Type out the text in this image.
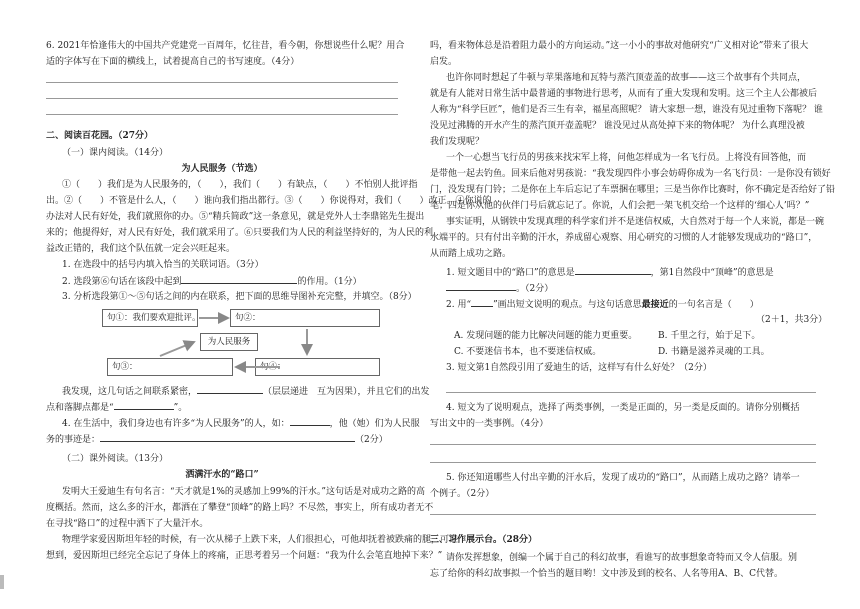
6. 2021年恰逢伟大的中国共产党建党一百周年，忆往昔，看今朝，你想说些什么呢？用合
适的字体写在下面的横线上，试着提高自己的书写速度。（4分）
二、阅读百花园。（27分）
（一）课内阅读。（14分）
为人民服务（节选）
①（　　）我们是为人民服务的，（　　），我们（　　）有缺点，（　　）不怕别人批评指
出。②（　　）不管是什么人，（　　）谁向我们指出都行。③（　　）你说得对，我们（　　）改正。④你说的
办法对人民有好处，我们就照你的办。⑤“精兵简政”这一条意见，就是党外人士李鼎铭先生提出
来的；他提得好，对人民有好处，我们就采用了。⑥只要我们为人民的利益坚持好的，为人民的利
益改正错的，我们这个队伍就一定会兴旺起来。
1. 在选段中的括号内填入恰当的关联词语。（3分）
2. 选段第⑥句话在该段中起到	的作用。（1分）
3. 分析选段第①～⑤句话之间的内在联系，把下面的思维导图补充完整，并填空。（8分）
句①：我们要欢迎批评。	句②：
为人民服务
句③：	句④：
我发现，这几句话之间联系紧密，	（层层递进　互为因果），并且它们的出发
点和落脚点都是“	”。
4. 在生活中，我们身边也有许多“为人民服务”的人，如：	，他（她）们为人民服
务的事迹是：	（2分）
（二）课外阅读。（13分）
洒满汗水的“路口”
发明大王爱迪生有句名言：“天才就是1%的灵感加上99%的汗水。”这句话是对成功之路的高
度概括。然而，这么多的汗水，都洒在了攀登“顶峰”的路上吗？不尽然，事实上，所有成功者无不
在寻找“路口”的过程中洒下了大量汗水。
物理学家爱因斯坦年轻的时候，有一次从梯子上跌下来，人们很担心，可他却抚着被跌痛的腿，可谁
想到，爱因斯坦已经完全忘记了身体上的疼痛，正思考着另一个问题：“我为什么会笔直地掉下来？”
吗，看来物体总是沿着阻力最小的方向运动。”这一小小的事故对他研究“广义相对论”带来了很大
启发。
也许你同时想起了牛顿与苹果落地和瓦特与蒸汽顶壶盖的故事——这三个故事有个共同点，
就是有人能对日常生活中最普通的事物进行思考，从而有了重大发现和发明。这三个主人公都被后
人称为“科学巨匠”，他们是否三生有幸，福星高照呢？ 请大家想一想，谁没有见过重物下落呢？ 谁
没见过沸腾的开水产生的蒸汽顶开壶盖呢？ 谁没见过从高处掉下来的物体呢？ 为什么真理没被
我们发现呢？
一个一心想当飞行员的男孩来找宋军上将，问他怎样成为一名飞行员。上将没有回答他，而
是带他一起去钓鱼。回来后他对男孩说：“我发现四件小事会妨碍你成为一名飞行员：一是你没有锁好
门，没发现有门铃；二是你在上车后忘记了车票捆在哪里；三是当你作比赛时，你不确定是否给好了铅
笔；四是你从他的伙伴门号后就忘记了。你说，人们会把一架飞机交给一个这样的‘细心人’吗？”
事实证明，从钢铁中发现真理的科学家们并不是迷信权威，大自然对于每一个人来说，都是一碗
水端平的。只有付出辛勤的汗水，养成留心观察、用心研究的习惯的人才能够发现成功的“路口”，
从而踏上成功之路。
1. 短文题目中的“路口”的意思是	，第1自然段中“顶峰”的意思是
。（2分）
2. 用“ ”画出短文说明的观点。与这句话意思最接近的一句名言是（　　）
（2＋1，共3分）
A. 发现问题的能力比解决问题的能力更重要。 B. 千里之行，始于足下。
C. 不要迷信书本，也不要迷信权威。	D. 书籍是滋养灵魂的工具。
3. 短文第1自然段引用了爱迪生的话，这样写有什么好处？（2分）
4. 短文为了说明观点，选择了两类事例，一类是正面的，另一类是反面的。请你分别概括
写出文中的一类事例。（4分）
5. 你还知道哪些人付出辛勤的汗水后，发现了成功的“路口”，从而踏上成功之路？请举一
个例子。（2分）
三、习作展示台。（28分）
请你发挥想象，创编一个属于自己的科幻故事，看谁写的故事想象奇特而又令人信服。别
忘了给你的科幻故事拟一个恰当的题目哟！文中涉及到的校名、人名等用A、B、C代替。
